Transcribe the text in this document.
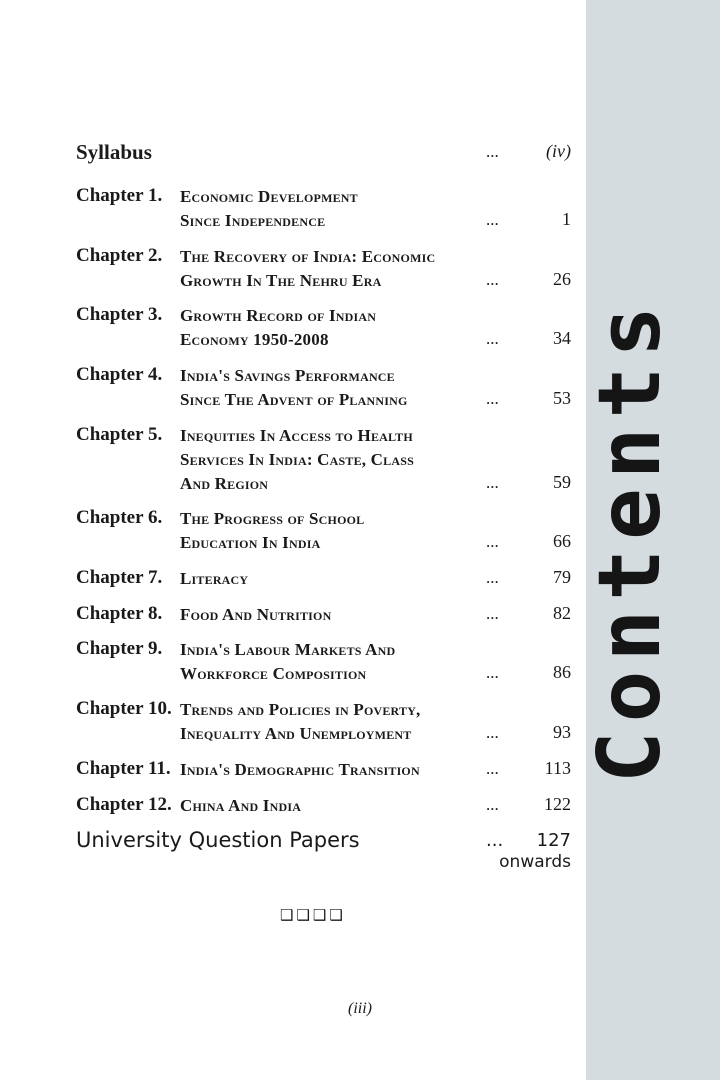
Contents
Syllabus	...	(iv)
Chapter 1. Economic Development
Since Independence	...	1
Chapter 2. The Recovery of India: Economic
Growth In The Nehru Era	...	26
Chapter 3. Growth Record of Indian
Economy 1950-2008	...	34
Chapter 4. India's Savings Performance
Since The Advent of Planning	...	53
Chapter 5. Inequities In Access to Health
Services In India: Caste, Class
And Region	...	59
Chapter 6. The Progress of School
Education In India	...	66
Chapter 7. Literacy	...	79
Chapter 8. Food And Nutrition	...	82
Chapter 9. India's Labour Markets And
Workforce Composition	...	86
Chapter 10. Trends and Policies in Poverty,
Inequality And Unemployment	...	93
Chapter 11. India's Demographic Transition	...	113
Chapter 12. China And India	...	122
University Question Papers	... 127
onwards
❑❑❑❑
(iii)
